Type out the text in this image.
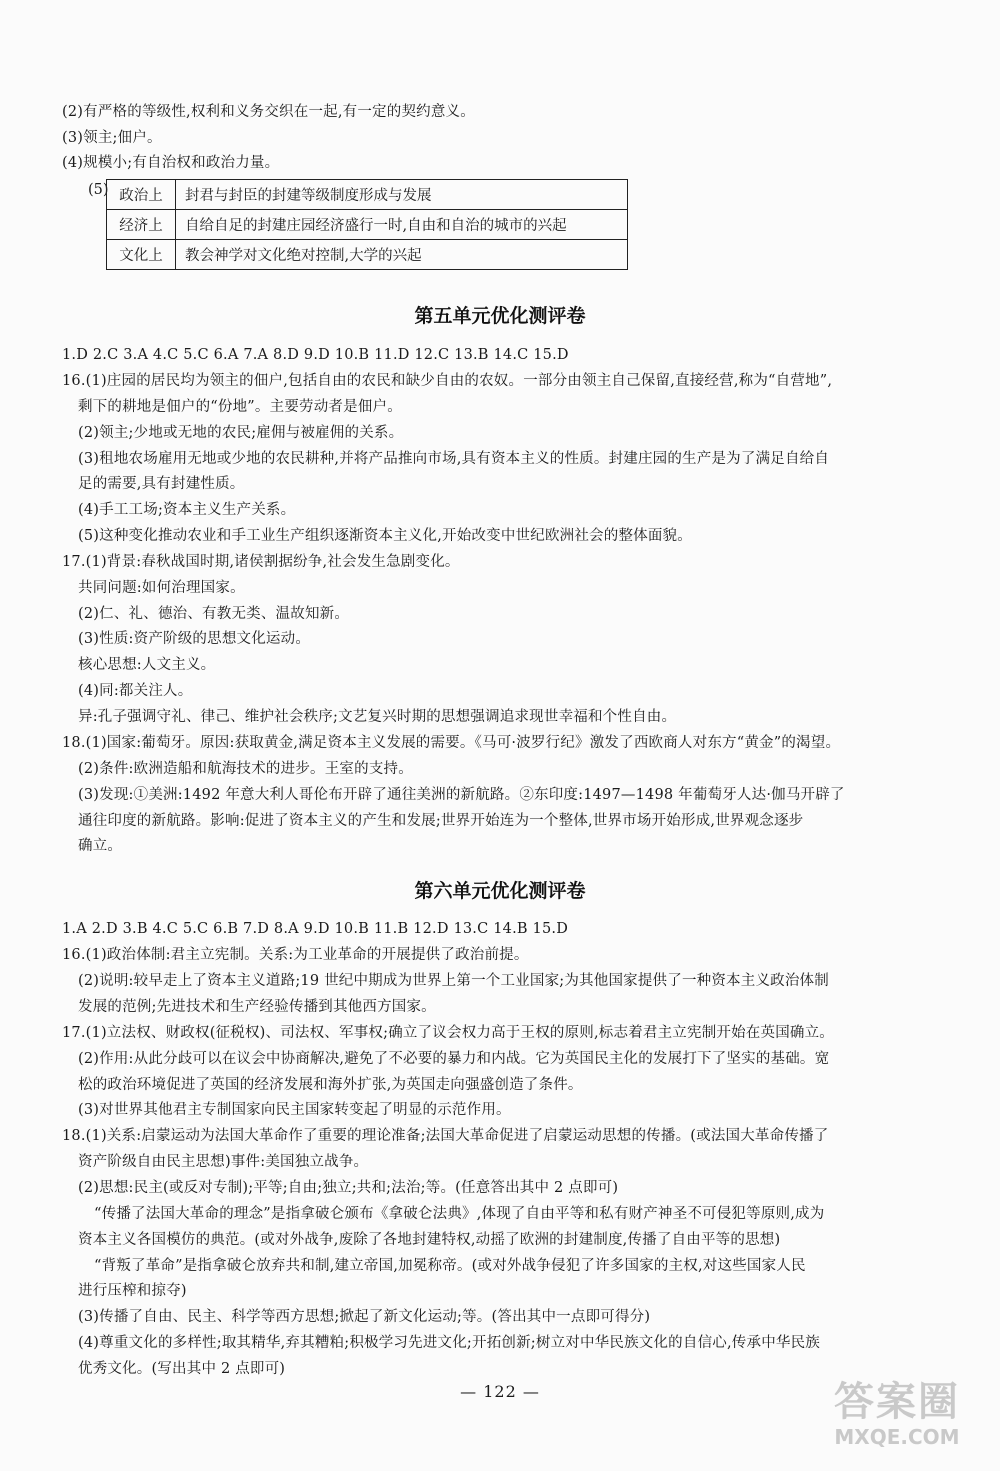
(2)有严格的等级性,权利和义务交织在一起,有一定的契约意义。
(3)领主;佃户。
(4)规模小;有自治权和政治力量。
(5) 政治上	封君与封臣的封建等级制度形成与发展
经济上	自给自足的封建庄园经济盛行一时,自由和自治的城市的兴起
文化上	教会神学对文化绝对控制,大学的兴起
第五单元优化测评卷
1.D 2.C 3.A 4.C 5.C 6.A 7.A 8.D 9.D 10.B 11.D 12.C 13.B 14.C 15.D
16.(1)庄园的居民均为领主的佃户,包括自由的农民和缺少自由的农奴。一部分由领主自己保留,直接经营,称为“自营地”,
剩下的耕地是佃户的“份地”。主要劳动者是佃户。
(2)领主;少地或无地的农民;雇佣与被雇佣的关系。
(3)租地农场雇用无地或少地的农民耕种,并将产品推向市场,具有资本主义的性质。封建庄园的生产是为了满足自给自
足的需要,具有封建性质。
(4)手工工场;资本主义生产关系。
(5)这种变化推动农业和手工业生产组织逐渐资本主义化,开始改变中世纪欧洲社会的整体面貌。
17.(1)背景:春秋战国时期,诸侯割据纷争,社会发生急剧变化。
共同问题:如何治理国家。
(2)仁、礼、德治、有教无类、温故知新。
(3)性质:资产阶级的思想文化运动。
核心思想:人文主义。
(4)同:都关注人。
异:孔子强调守礼、律己、维护社会秩序;文艺复兴时期的思想强调追求现世幸福和个性自由。
18.(1)国家:葡萄牙。原因:获取黄金,满足资本主义发展的需要。《马可·波罗行纪》激发了西欧商人对东方“黄金”的渴望。
(2)条件:欧洲造船和航海技术的进步。王室的支持。
(3)发现:①美洲:1492 年意大利人哥伦布开辟了通往美洲的新航路。②东印度:1497—1498 年葡萄牙人达·伽马开辟了
通往印度的新航路。影响:促进了资本主义的产生和发展;世界开始连为一个整体,世界市场开始形成,世界观念逐步
确立。
第六单元优化测评卷
1.A 2.D 3.B 4.C 5.C 6.B 7.D 8.A 9.D 10.B 11.B 12.D 13.C 14.B 15.D
16.(1)政治体制:君主立宪制。关系:为工业革命的开展提供了政治前提。
(2)说明:较早走上了资本主义道路;19 世纪中期成为世界上第一个工业国家;为其他国家提供了一种资本主义政治体制
发展的范例;先进技术和生产经验传播到其他西方国家。
17.(1)立法权、财政权(征税权)、司法权、军事权;确立了议会权力高于王权的原则,标志着君主立宪制开始在英国确立。
(2)作用:从此分歧可以在议会中协商解决,避免了不必要的暴力和内战。它为英国民主化的发展打下了坚实的基础。宽
松的政治环境促进了英国的经济发展和海外扩张,为英国走向强盛创造了条件。
(3)对世界其他君主专制国家向民主国家转变起了明显的示范作用。
18.(1)关系:启蒙运动为法国大革命作了重要的理论准备;法国大革命促进了启蒙运动思想的传播。(或法国大革命传播了
资产阶级自由民主思想)事件:美国独立战争。
(2)思想:民主(或反对专制);平等;自由;独立;共和;法治;等。(任意答出其中 2 点即可)
“传播了法国大革命的理念”是指拿破仑颁布《拿破仑法典》,体现了自由平等和私有财产神圣不可侵犯等原则,成为
资本主义各国模仿的典范。(或对外战争,废除了各地封建特权,动摇了欧洲的封建制度,传播了自由平等的思想)
“背叛了革命”是指拿破仑放弃共和制,建立帝国,加冕称帝。(或对外战争侵犯了许多国家的主权,对这些国家人民
进行压榨和掠夺)
(3)传播了自由、民主、科学等西方思想;掀起了新文化运动;等。(答出其中一点即可得分)
(4)尊重文化的多样性;取其精华,弃其糟粕;积极学习先进文化;开拓创新;树立对中华民族文化的自信心,传承中华民族
优秀文化。(写出其中 2 点即可)
— 122 —	答案圈
MXQE.COM
